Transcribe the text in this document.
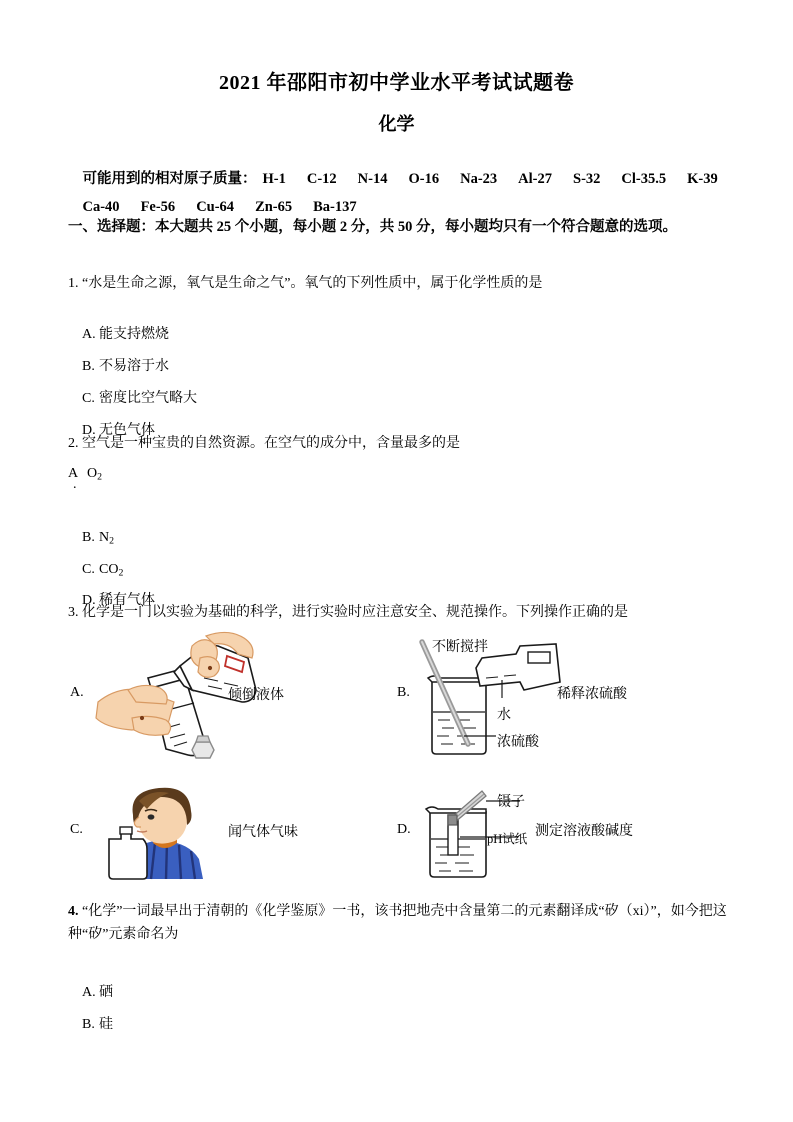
2021 年邵阳市初中学业水平考试试题卷
化学

可能用到的相对原子质量： H-1 C-12 N-14 O-16 Na-23 Al-27 S-32 Cl-35.5 K-39

Ca-40 Fe-56 Cu-64 Zn-65 Ba-137

一、选择题：本大题共 25 个小题，每小题 2 分，共 50 分，每小题均只有一个符合题意的选项。
1. “水是生命之源，氧气是生命之气”。氧气的下列性质中，属于化学性质的是

A. 能支持燃烧

B. 不易溶于水

C. 密度比空气略大

D. 无色气体

2. 空气是一种宝贵的自然资源。在空气的成分中，含量最多的是
A
.
$O_2$

B. $N_2$

C. $CO_2$

D. 稀有气体

3. 化学是一门以实验为基础的科学，进行实验时应注意安全、规范操作。下列操作正确的是
A.	倾倒液体	B.
不断搅拌
水
浓硫酸
稀释浓硫酸
C.	闻气体气味	D.
镊子
pH试纸 测定溶液酸碱度
4. “化学”一词最早出于清朝的《化学鉴原》一书，该书把地壳中含量第二的元素翻译成“矽（xi）”，如今把这种“矽”元素命名为

A. 硒

B. 硅
